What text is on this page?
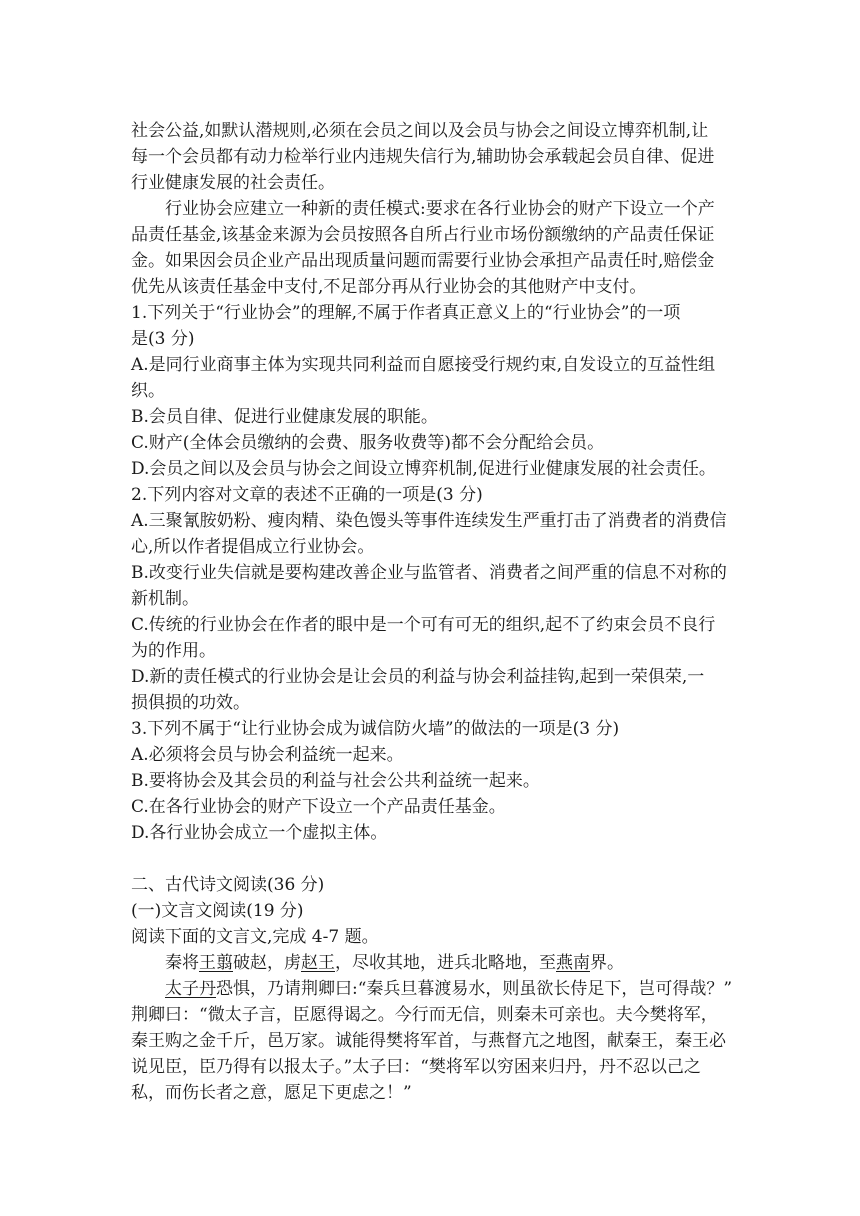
社会公益,如默认潜规则,必须在会员之间以及会员与协会之间设立博弈机制,让
每一个会员都有动力检举行业内违规失信行为,辅助协会承载起会员自律、促进
行业健康发展的社会责任。
行业协会应建立一种新的责任模式:要求在各行业协会的财产下设立一个产
品责任基金,该基金来源为会员按照各自所占行业市场份额缴纳的产品责任保证
金。如果因会员企业产品出现质量问题而需要行业协会承担产品责任时,赔偿金
优先从该责任基金中支付,不足部分再从行业协会的其他财产中支付。
1.下列关于“行业协会”的理解,不属于作者真正意义上的“行业协会”的一项
是(3 分)
A.是同行业商事主体为实现共同利益而自愿接受行规约束,自发设立的互益性组
织。
B.会员自律、促进行业健康发展的职能。
C.财产(全体会员缴纳的会费、服务收费等)都不会分配给会员。
D.会员之间以及会员与协会之间设立博弈机制,促进行业健康发展的社会责任。
2.下列内容对文章的表述不正确的一项是(3 分)
A.三聚氰胺奶粉、瘦肉精、染色馒头等事件连续发生严重打击了消费者的消费信
心,所以作者提倡成立行业协会。
B.改变行业失信就是要构建改善企业与监管者、消费者之间严重的信息不对称的
新机制。
C.传统的行业协会在作者的眼中是一个可有可无的组织,起不了约束会员不良行
为的作用。
D.新的责任模式的行业协会是让会员的利益与协会利益挂钩,起到一荣俱荣,一
损俱损的功效。
3.下列不属于“让行业协会成为诚信防火墙”的做法的一项是(3 分)
A.必须将会员与协会利益统一起来。
B.要将协会及其会员的利益与社会公共利益统一起来。
C.在各行业协会的财产下设立一个产品责任基金。
D.各行业协会成立一个虚拟主体。
二、古代诗文阅读(36 分)
(一)文言文阅读(19 分)
阅读下面的文言文,完成 4-7 题。
秦将王翦破赵，虏赵王，尽收其地，进兵北略地，至燕南界。
太子丹恐惧，乃请荆卿曰:“秦兵旦暮渡易水，则虽欲长侍足下，岂可得哉？”
荆卿曰：“微太子言，臣愿得谒之。今行而无信，则秦未可亲也。夫今樊将军，
秦王购之金千斤，邑万家。诚能得樊将军首，与燕督亢之地图，献秦王，秦王必
说见臣，臣乃得有以报太子。”太子曰：“樊将军以穷困来归丹，丹不忍以己之
私，而伤长者之意，愿足下更虑之！”
